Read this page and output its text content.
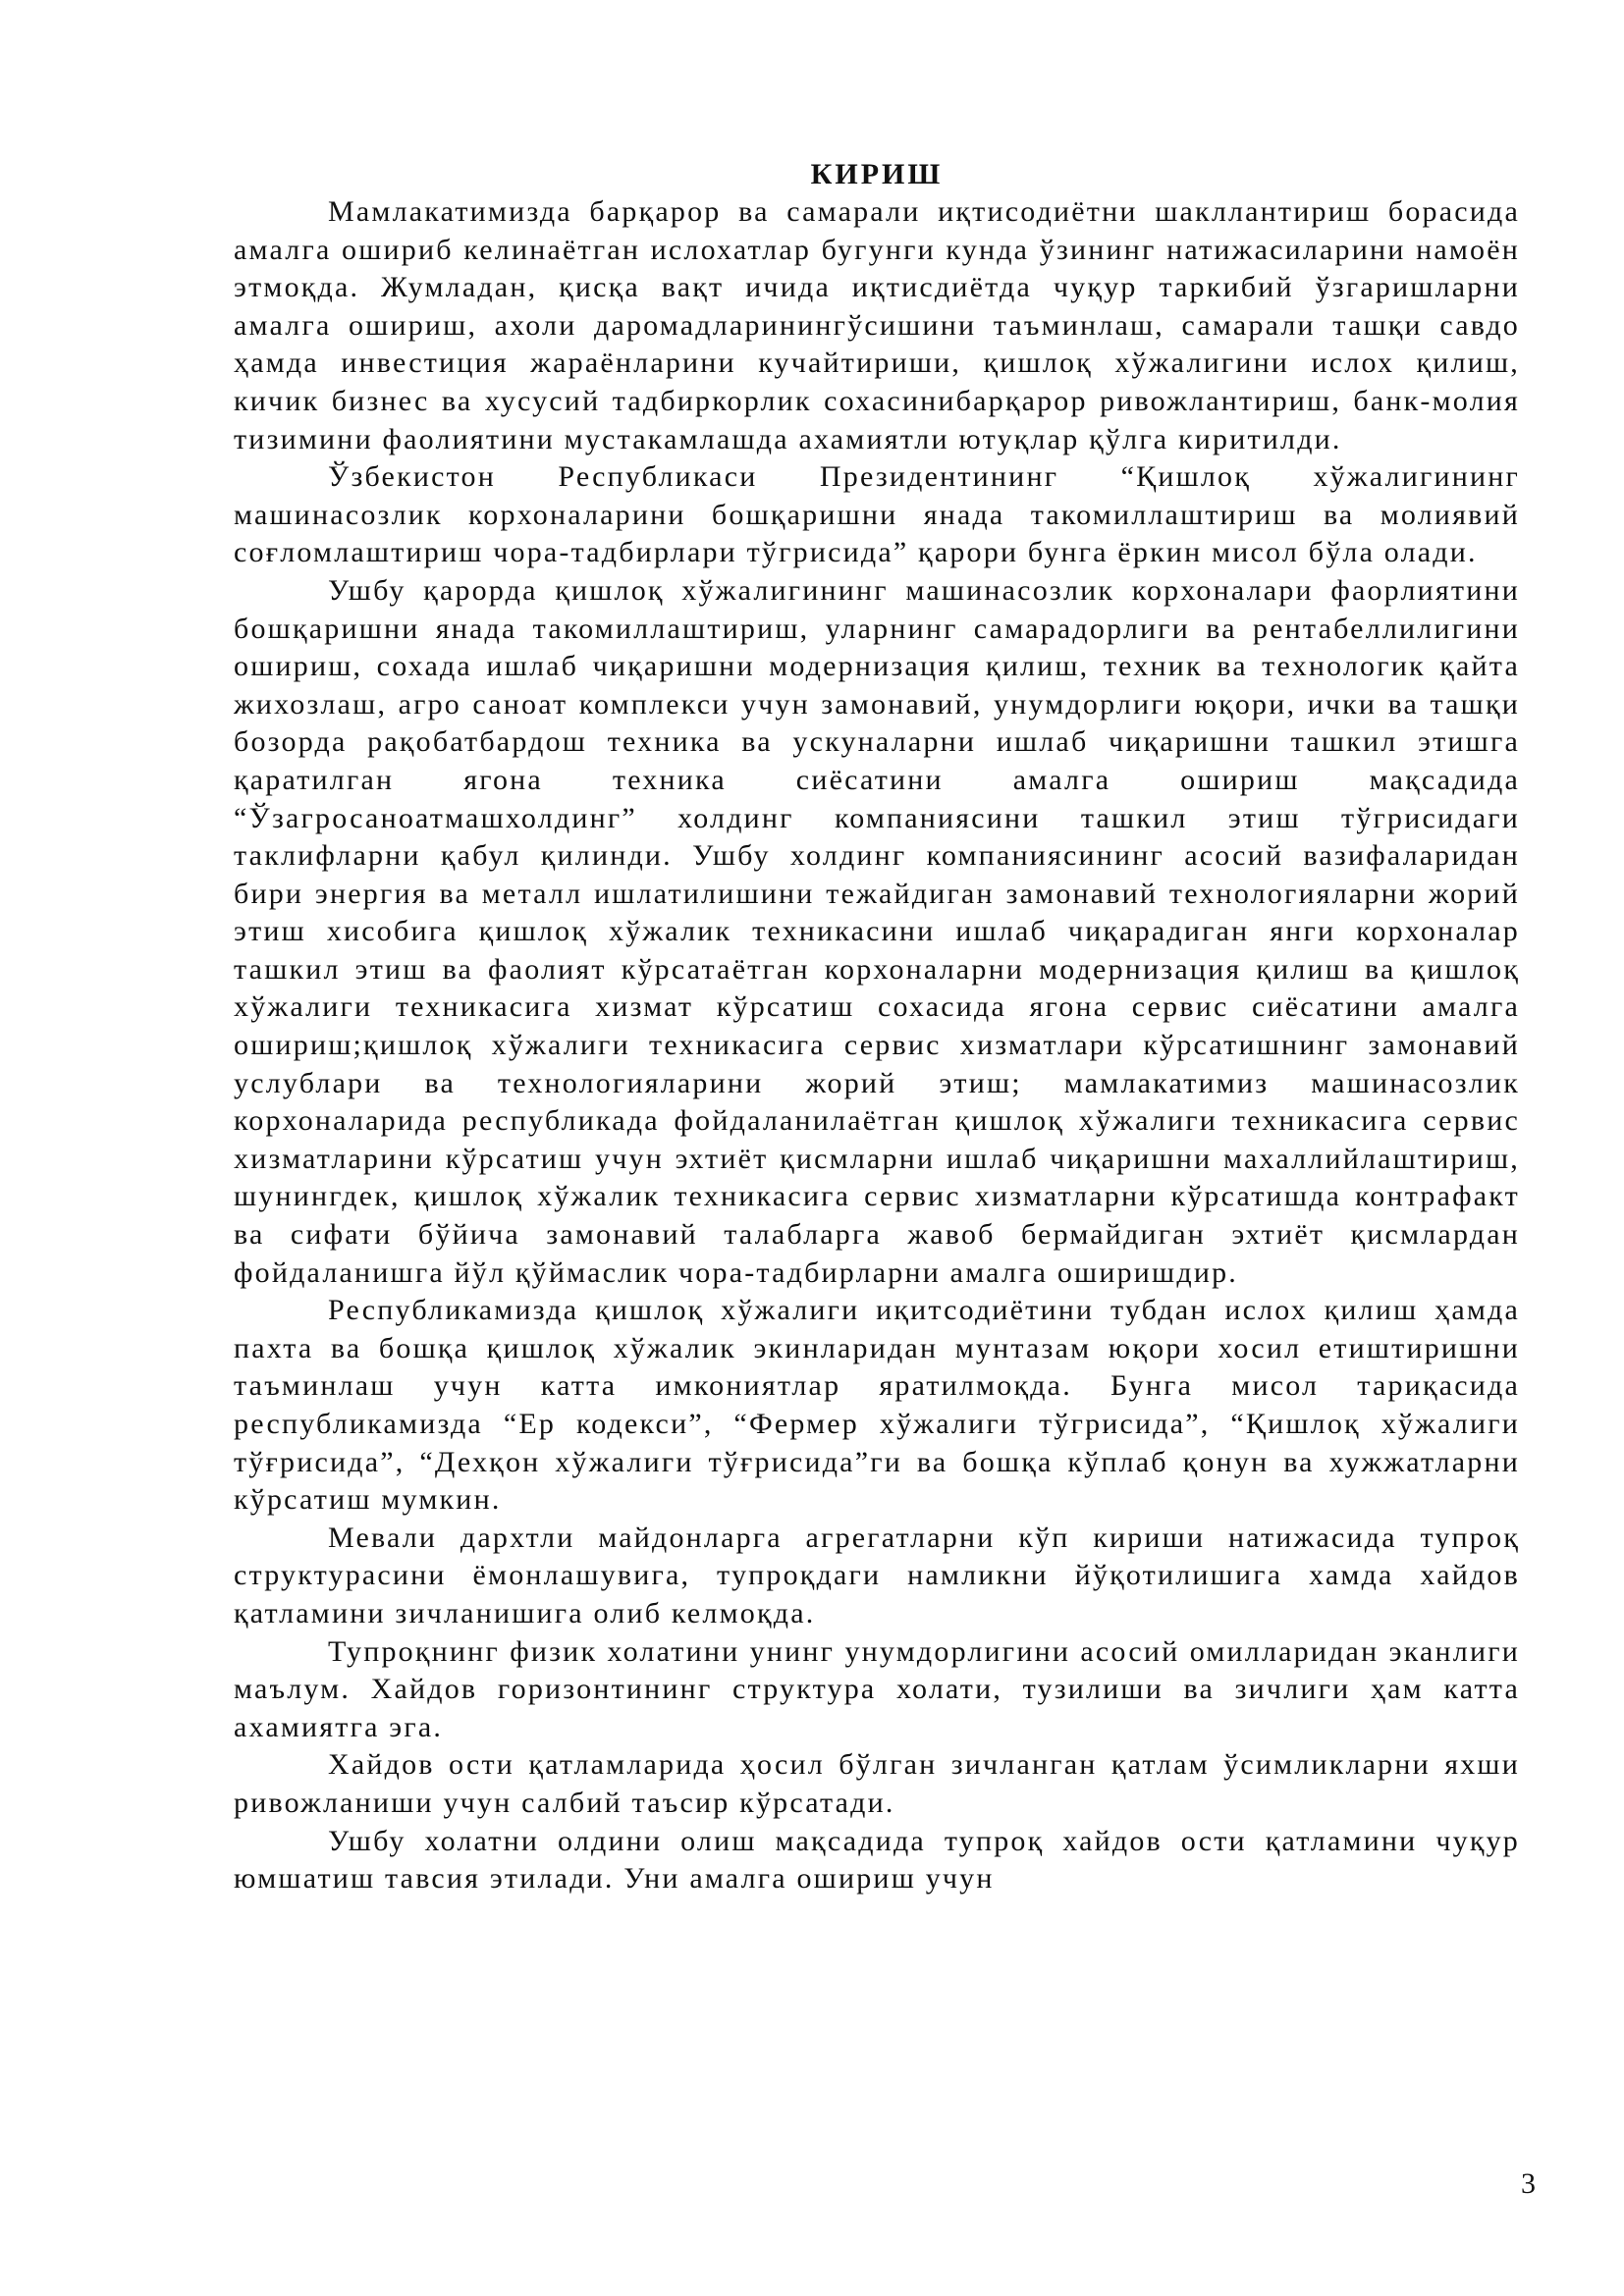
КИРИШ

Мамлакатимизда барқарор ва самарали иқтисодиётни шакллантириш борасида амалга ошириб келинаётган ислохатлар бугунги кунда ўзининг натижасиларини намоён этмоқда. Жумладан, қисқа вақт ичида иқтисдиётда чуқур таркибий ўзгаришларни амалга ошириш, ахоли даромадларинингўсишини таъминлаш, самарали ташқи савдо ҳамда инвестиция жараёнларини кучайтириши, қишлоқ хўжалигини ислох қилиш, кичик бизнес ва хусусий тадбиркорлик сохасинибарқарор ривожлантириш, банк-молия тизимини фаолиятини мустакамлашда ахамиятли ютуқлар қўлга киритилди.

Ўзбекистон Республикаси Президентининг “Қишлоқ хўжалигининг машинасозлик корхоналарини бошқаришни янада такомиллаштириш ва молиявий соғломлаштириш чора-тадбирлари тўгрисида” қарори бунга ёркин мисол бўла олади.

Ушбу қарорда қишлоқ хўжалигининг машинасозлик корхоналари фаорлиятини бошқаришни янада такомиллаштириш, уларнинг самарадорлиги ва рентабеллилигини ошириш, сохада ишлаб чиқаришни модернизация қилиш, техник ва технологик қайта жихозлаш, агро саноат комплекси учун замонавий, унумдорлиги юқори, ички ва ташқи бозорда рақобатбардош техника ва ускуналарни ишлаб чиқаришни ташкил этишга қаратилган ягона техника сиёсатини амалга ошириш мақсадида “Ўзагросаноатмашхолдинг” холдинг компаниясини ташкил этиш тўгрисидаги таклифларни қабул қилинди. Ушбу холдинг компаниясининг асосий вазифаларидан бири энергия ва металл ишлатилишини тежайдиган замонавий технологияларни жорий этиш хисобига қишлоқ хўжалик техникасини ишлаб чиқарадиган янги корхоналар ташкил этиш ва фаолият кўрсатаётган корхоналарни модернизация қилиш ва қишлоқ хўжалиги техникасига хизмат кўрсатиш сохасида ягона сервис сиёсатини амалга ошириш;қишлоқ хўжалиги техникасига сервис хизматлари кўрсатишнинг замонавий услублари ва технологияларини жорий этиш; мамлакатимиз машинасозлик корхоналарида республикада фойдаланилаётган қишлоқ хўжалиги техникасига сервис хизматларини кўрсатиш учун эхтиёт қисмларни ишлаб чиқаришни махаллийлаштириш, шунингдек, қишлоқ хўжалик техникасига сервис хизматларни кўрсатишда контрафакт ва сифати бўйича замонавий талабларга жавоб бермайдиган эхтиёт қисмлардан фойдаланишга йўл қўймаслик чора-тадбирларни амалга оширишдир.

Республикамизда қишлоқ хўжалиги иқитсодиётини тубдан ислох қилиш ҳамда пахта ва бошқа қишлоқ хўжалик экинларидан мунтазам юқори хосил етиштиришни таъминлаш учун катта имкониятлар яратилмоқда. Бунга мисол тариқасида республикамизда “Ер кодекси”, “Фермер хўжалиги тўгрисида”, “Қишлоқ хўжалиги тўғрисида”, “Дехқон хўжалиги тўғрисида”ги ва бошқа кўплаб қонун ва хужжатларни кўрсатиш мумкин.

Мевали дархтли майдонларга агрегатларни кўп кириши натижасида тупроқ структурасини ёмонлашувига, тупроқдаги намликни йўқотилишига хамда хайдов қатламини зичланишига олиб келмоқда.

Тупроқнинг физик холатини унинг унумдорлигини асосий омилларидан эканлиги маълум. Хайдов горизонтининг структура холати, тузилиши ва зичлиги ҳам катта ахамиятга эга.

Хайдов ости қатламларида ҳосил бўлган зичланган қатлам ўсимликларни яхши ривожланиши учун салбий таъсир кўрсатади.

Ушбу холатни олдини олиш мақсадида тупроқ хайдов ости қатламини чуқур юмшатиш тавсия этилади. Уни амалга ошириш учун

3
